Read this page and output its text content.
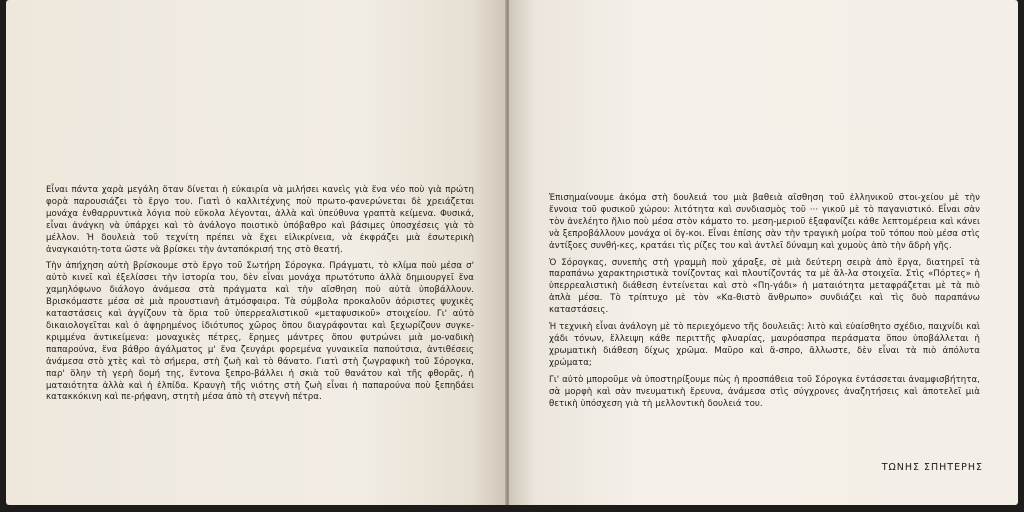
Εἶναι πάντα χαρὰ μεγάλη ὅταν δίνεται ἡ εὐκαιρία νὰ μιλήσει κανεὶς γιὰ ἕνα νέο ποὺ γιὰ πρώτη φορὰ παρουσιάζει τὸ ἔργο του. Γιατὶ ὁ καλλιτέχνης ποὺ πρωτο-φανερώνεται δὲ χρειάζεται μονάχα ἐνθαρρυντικὰ λόγια ποὺ εὔκολα λέγονται, ἀλλὰ καὶ ὑπεύθυνα γραπτὰ κείμενα. Φυσικά, εἶναι ἀνάγκη νὰ ὑπάρχει καὶ τὸ ἀνάλογο ποιοτικὸ ὑπόβαθρο καὶ βάσιμες ὑποσχέσεις γιὰ τὸ μέλλον. Ἡ δουλειὰ τοῦ τεχνίτη πρέπει νὰ ἔχει εἰλικρίνεια, νὰ ἐκφράζει μιὰ ἐσωτερικὴ ἀναγκαιότη-τοτα ὥστε νὰ βρίσκει τὴν ἀνταπόκρισή της στὸ θεατή.

Τὴν ἀπήχηση αὐτὴ βρίσκουμε στὸ ἔργο τοῦ Σωτήρη Σόρογκα. Πράγματι, τὸ κλίμα ποὺ μέσα σ' αὐτὸ κινεῖ καὶ ἐξελίσσει τὴν ἱστορία του, δὲν εἶναι μονάχα πρωτότυπο ἀλλὰ δημιουργεῖ ἕνα χαμηλόφωνο διάλογο ἀνάμεσα στὰ πράγματα καὶ τὴν αἴσθηση ποὺ αὐτὰ ὑποβάλλουν. Βρισκόμαστε μέσα σὲ μιὰ προυστιανὴ ἀτμόσφαιρα. Τὰ σύμβολα προκαλοῦν ἀόριστες ψυχικὲς καταστάσεις καὶ ἀγγίζουν τὰ ὅρια τοῦ ὑπερρεαλιστικοῦ «μεταφυσικοῦ» στοιχείου. Γι' αὐτὸ δικαιολογεῖται καὶ ὁ ἀφηρημένος ἰδιότυπος χῶρος ὅπου διαγράφονται καὶ ξεχωρίζουν συγκε-κριμμένα ἀντικείμενα: μοναχικὲς πέτρες, ἔρημες μάντρες ὅπου φυτρώνει μιὰ μο-ναδικὴ παπαρούνα, ἕνα βάθρο ἀγάλματος μ' ἕνα ζευγάρι φορεμένα γυναικεῖα παπούτσια, ἀντιθέσεις ἀνάμεσα στὸ χτὲς καὶ τὸ σήμερα, στὴ ζωὴ καὶ τὸ θάνατο. Γιατὶ στὴ ζωγραφικὴ τοῦ Σόρογκα, παρ' ὅλην τὴ γερὴ δομή της, ἔντονα ξεπρο-βάλλει ἡ σκιὰ τοῦ θανάτου καὶ τῆς φθορᾶς, ἡ ματαιότητα ἀλλὰ καὶ ἡ ἐλπίδα. Κραυγὴ τῆς νιότης στὴ ζωὴ εἶναι ἡ παπαρούνα ποὺ ξεπηδάει κατακκόκινη καὶ πε-ρήφανη, στητὴ μέσα ἀπὸ τὴ στεγνὴ πέτρα.

Ἐπισημαίνουμε ἀκόμα στὴ δουλειά του μιὰ βαθειὰ αἴσθηση τοῦ ἑλληνικοῦ στοι-χείου μὲ τὴν ἔννοια τοῦ φυσικοῦ χώρου: λιτότητα καὶ συνδιασμὸς τοῦ ··· γικοῦ μὲ τὸ παγανιστικό. Εἶναι σὰν τὸν ἀνελέητο ἥλιο ποὺ μέσα στὸν κάματο το. μεση-μεριοῦ ἐξαφανίζει κάθε λεπτομέρεια καὶ κάνει νὰ ξεπροβάλλουν μονάχα οἱ ὄγ-κοι. Εἶναι ἐπίσης σὰν τὴν τραγικὴ μοίρα τοῦ τόπου ποὺ μέσα στὶς ἀντίξοες συνθή-κες, κρατάει τὶς ρίζες του καὶ ἀντλεῖ δύναμη καὶ χυμοὺς ἀπὸ τὴν ἄδρὴ γῆς.

Ὁ Σόρογκας, συνεπὴς στὴ γραμμὴ ποὺ χάραξε, σὲ μιὰ δεύτερη σειρὰ ἀπὸ ἔργα, διατηρεῖ τὰ παραπάνω χαρακτηριστικὰ τονίζοντας καὶ πλουτίζοντάς τα μὲ ἄλ-λα στοιχεῖα. Στὶς «Πόρτες» ἡ ὑπερρεαλιστικὴ διάθεση ἐντείνεται καὶ στὸ «Πη-γάδι» ἡ ματαιότητα μεταφράζεται μὲ τὰ πιὸ ἁπλὰ μέσα. Τὸ τρίπτυχο μὲ τὸν «Κα-θιστὸ ἄνθρωπο» συνδιάζει καὶ τὶς δυὸ παραπάνω καταστάσεις.

Ἡ τεχνικὴ εἶναι ἀνάλογη μὲ τὸ περιεχόμενο τῆς δουλειᾶς: λιτὸ καὶ εὐαίσθητο σχέδιο, παιχνίδι καὶ χάδι τόνων, ἔλλειψη κάθε περιττῆς φλυαρίας, μαυρόασπρα περάσματα ὅπου ὑποβάλλεται ἡ χρωματικὴ διάθεση δίχως χρῶμα. Μαῦρο καὶ ἄ-σπρο, ἄλλωστε, δὲν εἶναι τὰ πιὸ ἀπόλυτα χρώματα;

Γι' αὐτὸ μποροῦμε νὰ ὑποστηρίξουμε πὼς ἡ προσπάθεια τοῦ Σόρογκα ἐντάσσεται ἀναμφισβήτητα, σὰ μορφὴ καὶ σὰν πνευματικὴ ἔρευνα, ἀνάμεσα στὶς σύγχρονες ἀναζητήσεις καὶ ἀποτελεῖ μιὰ θετικὴ ὑπόσχεση γιὰ τὴ μελλοντικὴ δουλειά του.

ΤΩΝΗΣ ΣΠΗΤΕΡΗΣ
